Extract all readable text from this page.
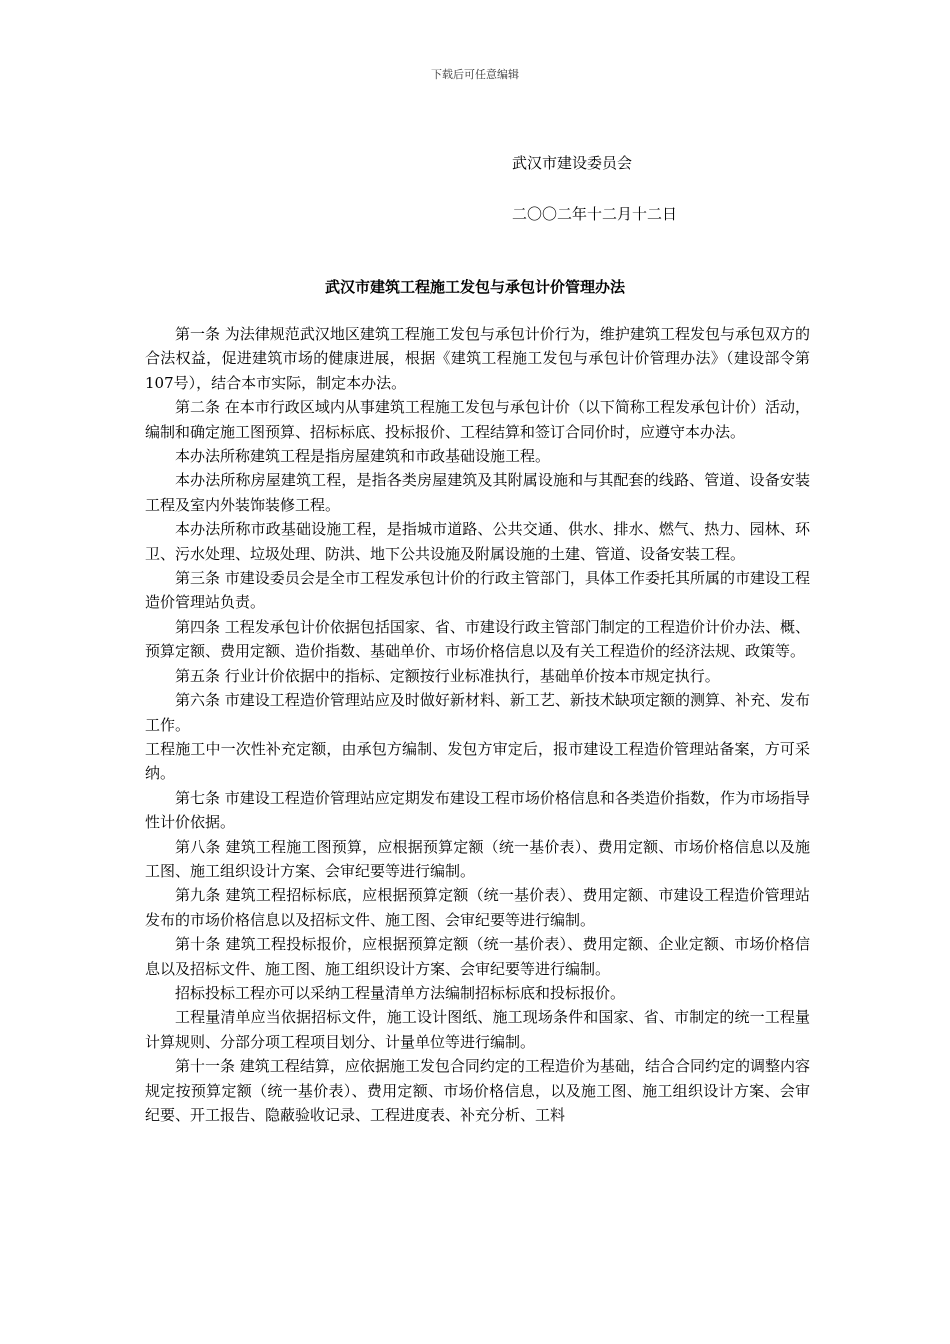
下载后可任意编辑
武汉市建设委员会
二〇〇二年十二月十二日
武汉市建筑工程施工发包与承包计价管理办法

第一条 为法律规范武汉地区建筑工程施工发包与承包计价行为，维护建筑工程发包与承包双方的合法权益，促进建筑市场的健康进展，根据《建筑工程施工发包与承包计价管理办法》（建设部令第107号），结合本市实际，制定本办法。

第二条 在本市行政区域内从事建筑工程施工发包与承包计价（以下简称工程发承包计价）活动，编制和确定施工图预算、招标标底、投标报价、工程结算和签订合同价时，应遵守本办法。

本办法所称建筑工程是指房屋建筑和市政基础设施工程。

本办法所称房屋建筑工程，是指各类房屋建筑及其附属设施和与其配套的线路、管道、设备安装工程及室内外装饰装修工程。

本办法所称市政基础设施工程，是指城市道路、公共交通、供水、排水、燃气、热力、园林、环卫、污水处理、垃圾处理、防洪、地下公共设施及附属设施的土建、管道、设备安装工程。

第三条 市建设委员会是全市工程发承包计价的行政主管部门，具体工作委托其所属的市建设工程造价管理站负责。

第四条 工程发承包计价依据包括国家、省、市建设行政主管部门制定的工程造价计价办法、概、预算定额、费用定额、造价指数、基础单价、市场价格信息以及有关工程造价的经济法规、政策等。

第五条 行业计价依据中的指标、定额按行业标准执行，基础单价按本市规定执行。

第六条 市建设工程造价管理站应及时做好新材料、新工艺、新技术缺项定额的测算、补充、发布工作。

工程施工中一次性补充定额，由承包方编制、发包方审定后，报市建设工程造价管理站备案，方可采纳。

第七条 市建设工程造价管理站应定期发布建设工程市场价格信息和各类造价指数，作为市场指导性计价依据。

第八条 建筑工程施工图预算，应根据预算定额（统一基价表）、费用定额、市场价格信息以及施工图、施工组织设计方案、会审纪要等进行编制。

第九条 建筑工程招标标底，应根据预算定额（统一基价表）、费用定额、市建设工程造价管理站发布的市场价格信息以及招标文件、施工图、会审纪要等进行编制。

第十条 建筑工程投标报价，应根据预算定额（统一基价表）、费用定额、企业定额、市场价格信息以及招标文件、施工图、施工组织设计方案、会审纪要等进行编制。

招标投标工程亦可以采纳工程量清单方法编制招标标底和投标报价。

工程量清单应当依据招标文件，施工设计图纸、施工现场条件和国家、省、市制定的统一工程量计算规则、分部分项工程项目划分、计量单位等进行编制。

第十一条 建筑工程结算，应依据施工发包合同约定的工程造价为基础，结合合同约定的调整内容规定按预算定额（统一基价表）、费用定额、市场价格信息，以及施工图、施工组织设计方案、会审纪要、开工报告、隐蔽验收记录、工程进度表、补充分析、工料
